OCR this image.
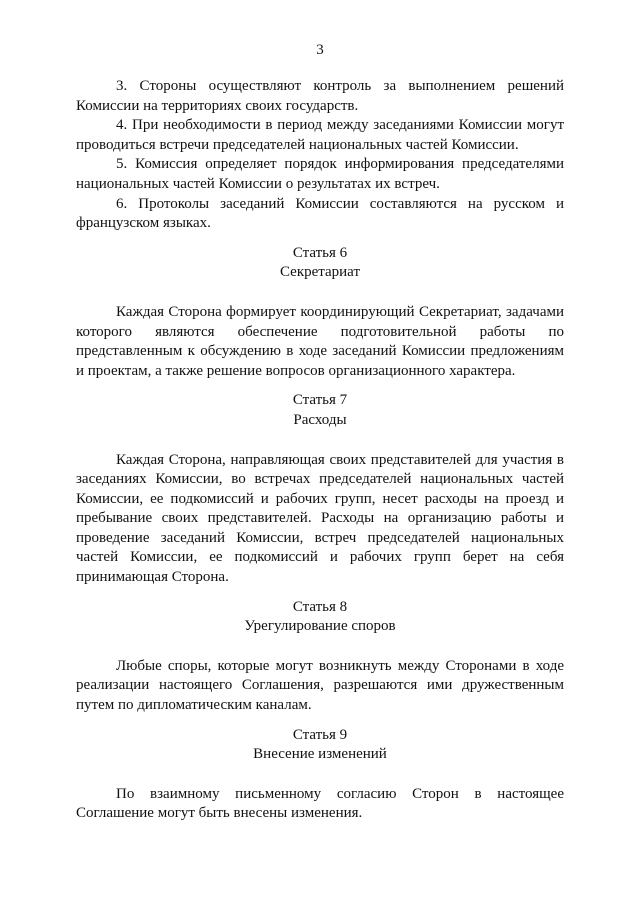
3

3. Стороны осуществляют контроль за выполнением решений Комиссии на территориях своих государств.

4. При необходимости в период между заседаниями Комиссии могут проводиться встречи председателей национальных частей Комиссии.

5. Комиссия определяет порядок информирования председателями национальных частей Комиссии о результатах их встреч.

6. Протоколы заседаний Комиссии составляются на русском и французском языках.

Статья 6

Секретариат

Каждая Сторона формирует координирующий Секретариат, задачами которого являются обеспечение подготовительной работы по представленным к обсуждению в ходе заседаний Комиссии предложениям и проектам, а также решение вопросов организационного характера.

Статья 7

Расходы

Каждая Сторона, направляющая своих представителей для участия в заседаниях Комиссии, во встречах председателей национальных частей Комиссии, ее подкомиссий и рабочих групп, несет расходы на проезд и пребывание своих представителей. Расходы на организацию работы и проведение заседаний Комиссии, встреч председателей национальных частей Комиссии, ее подкомиссий и рабочих групп берет на себя принимающая Сторона.

Статья 8

Урегулирование споров

Любые споры, которые могут возникнуть между Сторонами в ходе реализации настоящего Соглашения, разрешаются ими дружественным путем по дипломатическим каналам.

Статья 9

Внесение изменений

По взаимному письменному согласию Сторон в настоящее Соглашение могут быть внесены изменения.
